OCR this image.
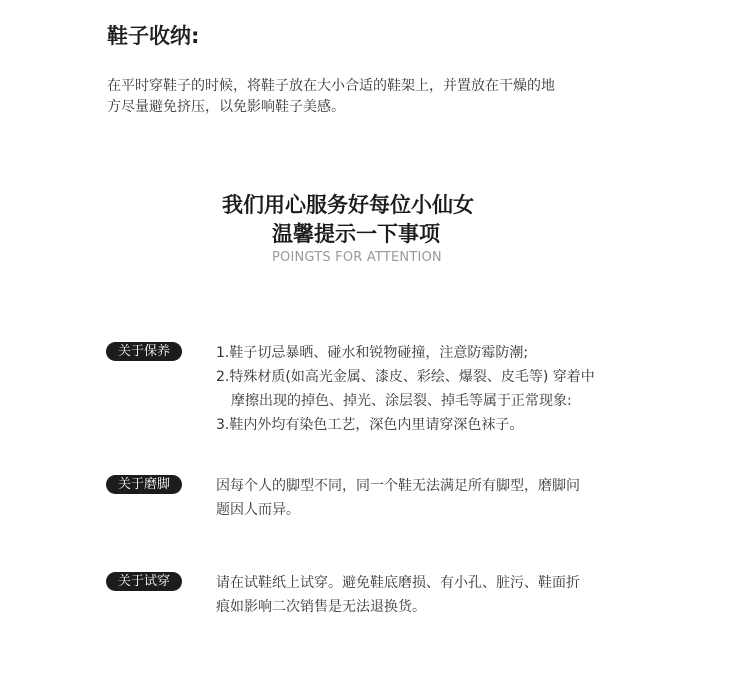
鞋子收纳:

在平时穿鞋子的时候，将鞋子放在大小合适的鞋架上，并置放在干燥的地

方尽量避免挤压，以免影响鞋子美感。

我们用心服务好每位小仙女
温馨提示一下事项
POINGTS FOR ATTENTION
关于保养	1.鞋子切忌暴晒、碰水和锐物碰撞，注意防霉防潮;

2.特殊材质(如高光金属、漆皮、彩绘、爆裂、皮毛等) 穿着中

摩擦出现的掉色、掉光、涂层裂、掉毛等属于正常现象:

3.鞋内外均有染色工艺，深色内里请穿深色袜子。

关于磨脚	因每个人的脚型不同，同一个鞋无法满足所有脚型，磨脚问

题因人而异。

关于试穿	请在试鞋纸上试穿。避免鞋底磨损、有小孔、脏污、鞋面折

痕如影响二次销售是无法退换货。
